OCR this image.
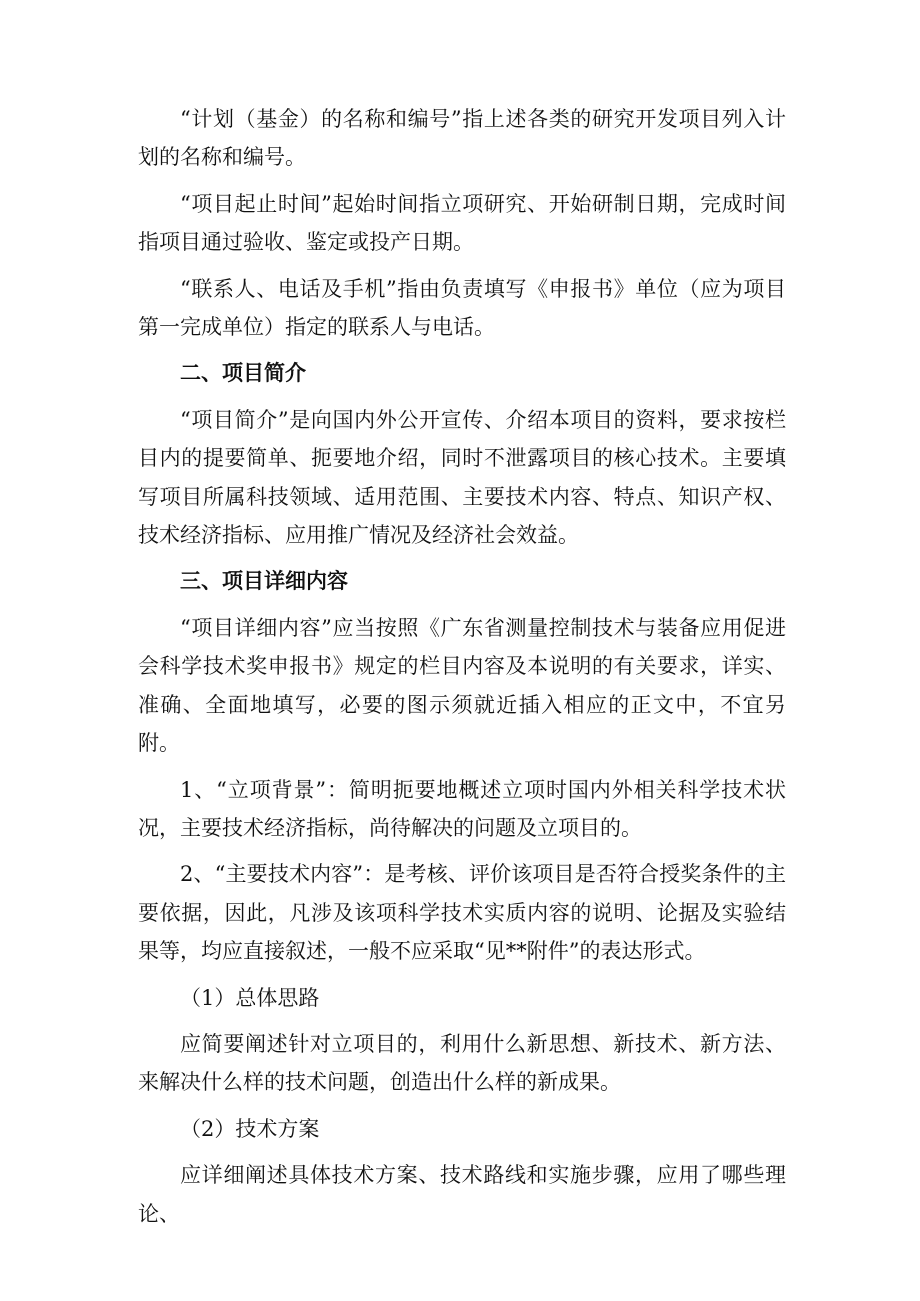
“计划（基金）的名称和编号”指上述各类的研究开发项目列入计划的名称和编号。

“项目起止时间”起始时间指立项研究、开始研制日期，完成时间指项目通过验收、鉴定或投产日期。

“联系人、电话及手机”指由负责填写《申报书》单位（应为项目第一完成单位）指定的联系人与电话。

二、项目简介

“项目简介”是向国内外公开宣传、介绍本项目的资料，要求按栏目内的提要简单、扼要地介绍，同时不泄露项目的核心技术。主要填写项目所属科技领域、适用范围、主要技术内容、特点、知识产权、技术经济指标、应用推广情况及经济社会效益。

三、项目详细内容

“项目详细内容”应当按照《广东省测量控制技术与装备应用促进会科学技术奖申报书》规定的栏目内容及本说明的有关要求，详实、准确、全面地填写，必要的图示须就近插入相应的正文中，不宜另附。

1、“立项背景”：简明扼要地概述立项时国内外相关科学技术状况，主要技术经济指标，尚待解决的问题及立项目的。

2、“主要技术内容”：是考核、评价该项目是否符合授奖条件的主要依据，因此，凡涉及该项科学技术实质内容的说明、论据及实验结果等，均应直接叙述，一般不应采取“见**附件”的表达形式。

（1）总体思路

应简要阐述针对立项目的，利用什么新思想、新技术、新方法、来解决什么样的技术问题，创造出什么样的新成果。

（2）技术方案

应详细阐述具体技术方案、技术路线和实施步骤，应用了哪些理论、
